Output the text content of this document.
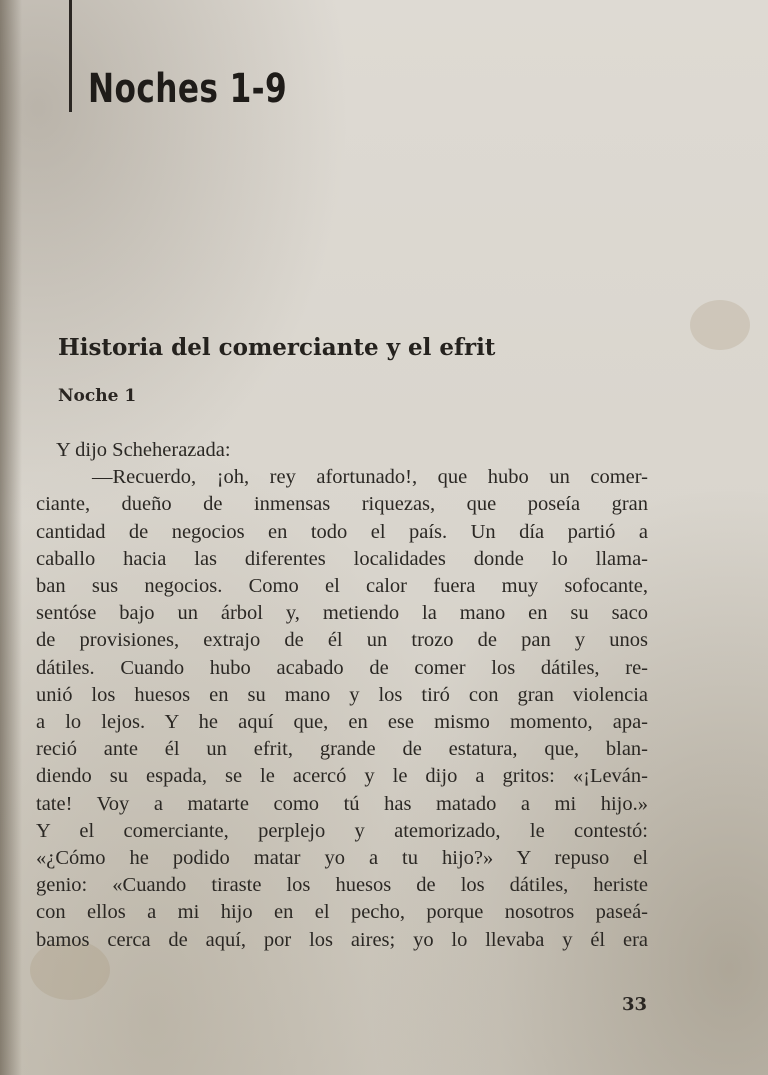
Noches 1-9
Historia del comerciante y el efrit
Noche 1
Y dijo Scheherazada:
—Recuerdo, ¡oh, rey afortunado!, que hubo un comer-
ciante, dueño de inmensas riquezas, que poseía gran
cantidad de negocios en todo el país. Un día partió a
caballo hacia las diferentes localidades donde lo llama-
ban sus negocios. Como el calor fuera muy sofocante,
sentóse bajo un árbol y, metiendo la mano en su saco
de provisiones, extrajo de él un trozo de pan y unos
dátiles. Cuando hubo acabado de comer los dátiles, re-
unió los huesos en su mano y los tiró con gran violencia
a lo lejos. Y he aquí que, en ese mismo momento, apa-
reció ante él un efrit, grande de estatura, que, blan-
diendo su espada, se le acercó y le dijo a gritos: «¡Leván-
tate! Voy a matarte como tú has matado a mi hijo.»
Y el comerciante, perplejo y atemorizado, le contestó:
«¿Cómo he podido matar yo a tu hijo?» Y repuso el
genio: «Cuando tiraste los huesos de los dátiles, heriste
con ellos a mi hijo en el pecho, porque nosotros paseá-
bamos cerca de aquí, por los aires; yo lo llevaba y él era
33
